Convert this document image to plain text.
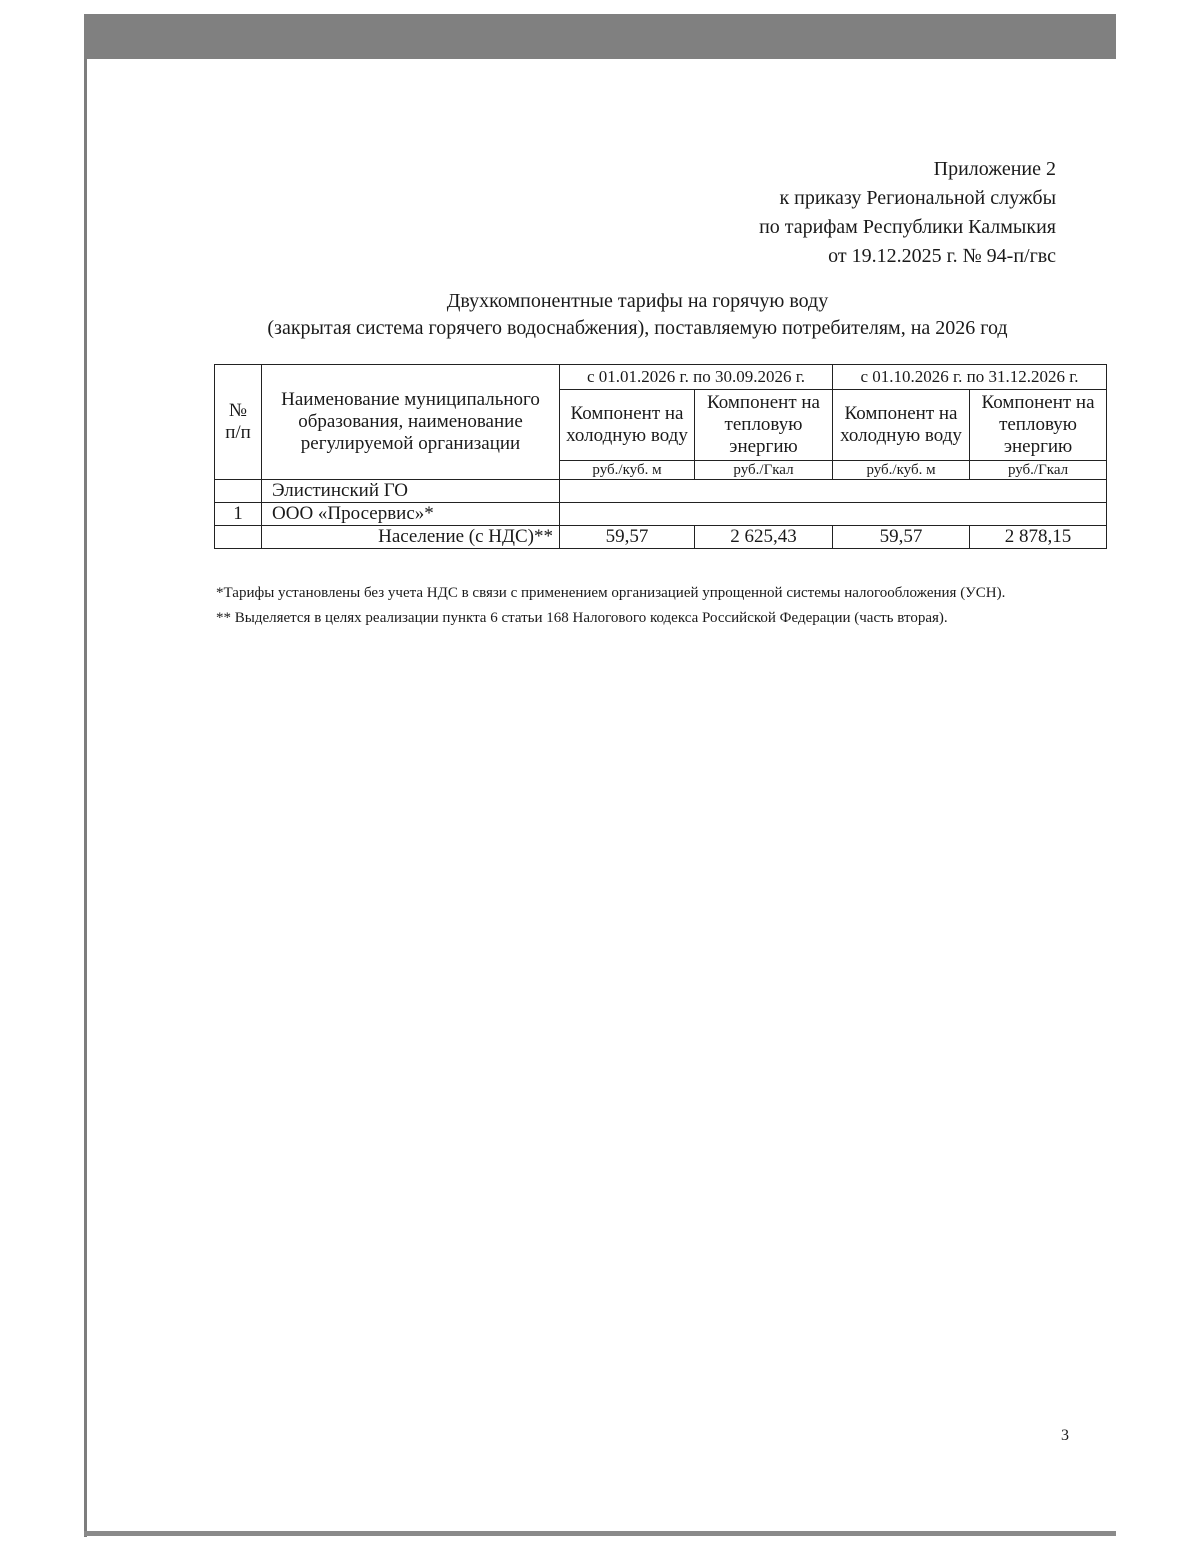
Приложение 2
к приказу Региональной службы
по тарифам Республики Калмыкия
от 19.12.2025 г. № 94-п/гвс
Двухкомпонентные тарифы на горячую воду
(закрытая система горячего водоснабжения), поставляемую потребителям, на 2026 год
№ п/п	Наименование муниципального образования, наименование регулируемой организации	с 01.01.2026 г. по 30.09.2026 г.		с 01.10.2026 г. по 31.12.2026 г.	
		Компонент на холодную воду	Компонент на тепловую энергию	Компонент на холодную воду	Компонент на тепловую энергию
		руб./куб. м	руб./Гкал	руб./куб. м	руб./Гкал
	Элистинский ГО				
1	ООО «Просервис»*				
	Население (с НДС)**	59,57	2 625,43	59,57	2 878,15

*Тарифы установлены без учета НДС в связи с применением организацией упрощенной системы налогообложения (УСН).

** Выделяется в целях реализации пункта 6 статьи 168 Налогового кодекса Российской Федерации (часть вторая).

3
